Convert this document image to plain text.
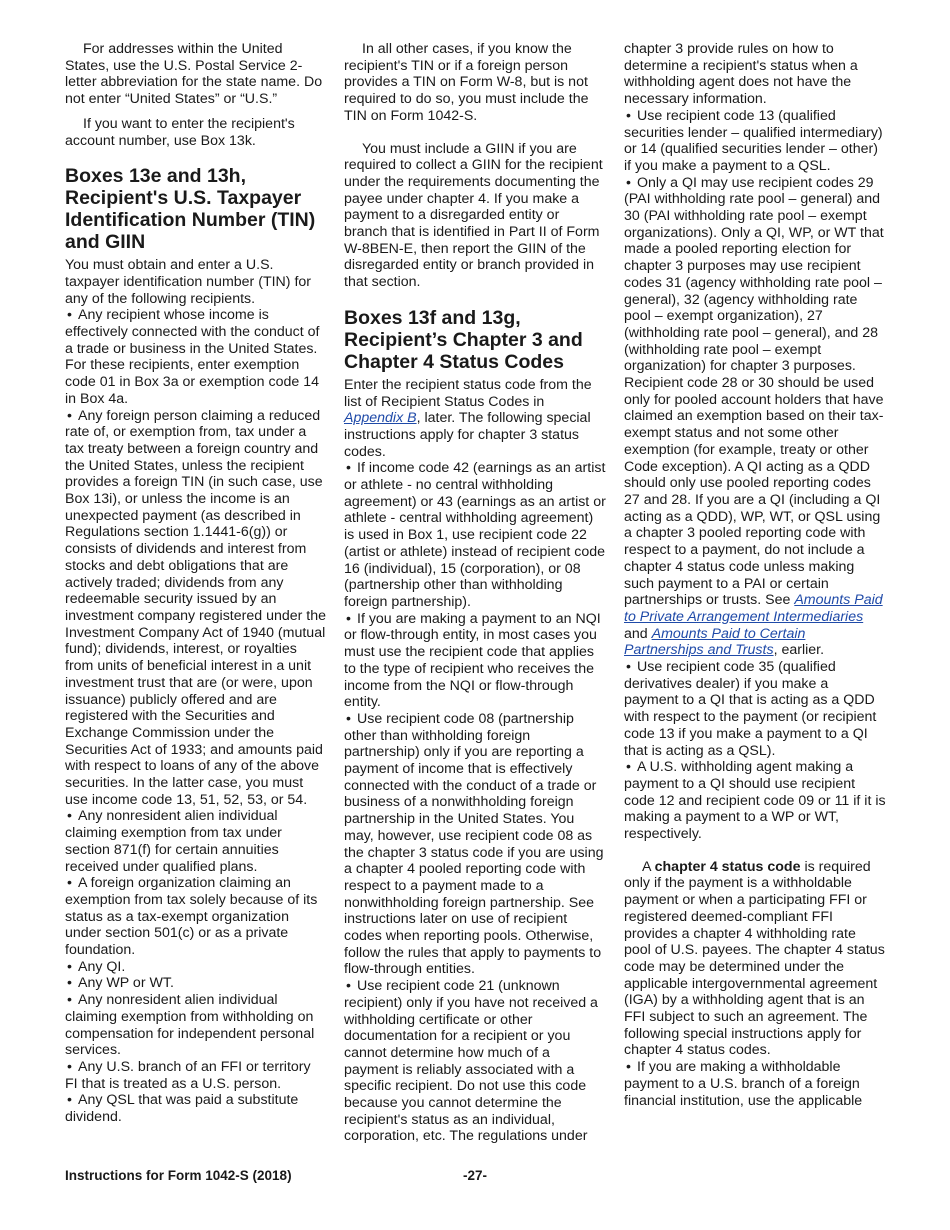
For addresses within the United States, use the U.S. Postal Service 2-letter abbreviation for the state name. Do not enter “United States” or “U.S.”

If you want to enter the recipient's account number, use Box 13k.

Boxes 13e and 13h, Recipient's U.S. Taxpayer Identification Number (TIN) and GIIN

You must obtain and enter a U.S. taxpayer identification number (TIN) for any of the following recipients.

• Any recipient whose income is effectively connected with the conduct of a trade or business in the United States. For these recipients, enter exemption code 01 in Box 3a or exemption code 14 in Box 4a.

• Any foreign person claiming a reduced rate of, or exemption from, tax under a tax treaty between a foreign country and the United States, unless the recipient provides a foreign TIN (in such case, use Box 13i), or unless the income is an unexpected payment (as described in Regulations section 1.1441-6(g)) or consists of dividends and interest from stocks and debt obligations that are actively traded; dividends from any redeemable security issued by an investment company registered under the Investment Company Act of 1940 (mutual fund); dividends, interest, or royalties from units of beneficial interest in a unit investment trust that are (or were, upon issuance) publicly offered and are registered with the Securities and Exchange Commission under the Securities Act of 1933; and amounts paid with respect to loans of any of the above securities. In the latter case, you must use income code 13, 51, 52, 53, or 54.

• Any nonresident alien individual claiming exemption from tax under section 871(f) for certain annuities received under qualified plans.

• A foreign organization claiming an exemption from tax solely because of its status as a tax-exempt organization under section 501(c) or as a private foundation.

• Any QI.

• Any WP or WT.

• Any nonresident alien individual claiming exemption from withholding on compensation for independent personal services.

• Any U.S. branch of an FFI or territory FI that is treated as a U.S. person.

• Any QSL that was paid a substitute dividend.

In all other cases, if you know the recipient's TIN or if a foreign person provides a TIN on Form W-8, but is not required to do so, you must include the TIN on Form 1042-S.

You must include a GIIN if you are required to collect a GIIN for the recipient under the requirements documenting the payee under chapter 4. If you make a payment to a disregarded entity or branch that is identified in Part II of Form W-8BEN-E, then report the GIIN of the disregarded entity or branch provided in that section.

Boxes 13f and 13g, Recipient’s Chapter 3 and Chapter 4 Status Codes

Enter the recipient status code from the list of Recipient Status Codes in Appendix B, later. The following special instructions apply for chapter 3 status codes.

• If income code 42 (earnings as an artist or athlete - no central withholding agreement) or 43 (earnings as an artist or athlete - central withholding agreement) is used in Box 1, use recipient code 22 (artist or athlete) instead of recipient code 16 (individual), 15 (corporation), or 08 (partnership other than withholding foreign partnership).

• If you are making a payment to an NQI or flow-through entity, in most cases you must use the recipient code that applies to the type of recipient who receives the income from the NQI or flow-through entity.

• Use recipient code 08 (partnership other than withholding foreign partnership) only if you are reporting a payment of income that is effectively connected with the conduct of a trade or business of a nonwithholding foreign partnership in the United States. You may, however, use recipient code 08 as the chapter 3 status code if you are using a chapter 4 pooled reporting code with respect to a payment made to a nonwithholding foreign partnership. See instructions later on use of recipient codes when reporting pools. Otherwise, follow the rules that apply to payments to flow-through entities.

• Use recipient code 21 (unknown recipient) only if you have not received a withholding certificate or other documentation for a recipient or you cannot determine how much of a payment is reliably associated with a specific recipient. Do not use this code because you cannot determine the recipient's status as an individual, corporation, etc. The regulations under

chapter 3 provide rules on how to determine a recipient's status when a withholding agent does not have the necessary information.

• Use recipient code 13 (qualified securities lender – qualified intermediary) or 14 (qualified securities lender – other) if you make a payment to a QSL.

• Only a QI may use recipient codes 29 (PAI withholding rate pool – general) and 30 (PAI withholding rate pool – exempt organizations). Only a QI, WP, or WT that made a pooled reporting election for chapter 3 purposes may use recipient codes 31 (agency withholding rate pool – general), 32 (agency withholding rate pool – exempt organization), 27 (withholding rate pool – general), and 28 (withholding rate pool – exempt organization) for chapter 3 purposes. Recipient code 28 or 30 should be used only for pooled account holders that have claimed an exemption based on their tax-exempt status and not some other exemption (for example, treaty or other Code exception). A QI acting as a QDD should only use pooled reporting codes 27 and 28. If you are a QI (including a QI acting as a QDD), WP, WT, or QSL using a chapter 3 pooled reporting code with respect to a payment, do not include a chapter 4 status code unless making such payment to a PAI or certain partnerships or trusts. See Amounts Paid to Private Arrangement Intermediaries and Amounts Paid to Certain Partnerships and Trusts, earlier.

• Use recipient code 35 (qualified derivatives dealer) if you make a payment to a QI that is acting as a QDD with respect to the payment (or recipient code 13 if you make a payment to a QI that is acting as a QSL).

• A U.S. withholding agent making a payment to a QI should use recipient code 12 and recipient code 09 or 11 if it is making a payment to a WP or WT, respectively.

A chapter 4 status code is required only if the payment is a withholdable payment or when a participating FFI or registered deemed-compliant FFI provides a chapter 4 withholding rate pool of U.S. payees. The chapter 4 status code may be determined under the applicable intergovernmental agreement (IGA) by a withholding agent that is an FFI subject to such an agreement. The following special instructions apply for chapter 4 status codes.

• If you are making a withholdable payment to a U.S. branch of a foreign financial institution, use the applicable

Instructions for Form 1042-S (2018)	-27-
